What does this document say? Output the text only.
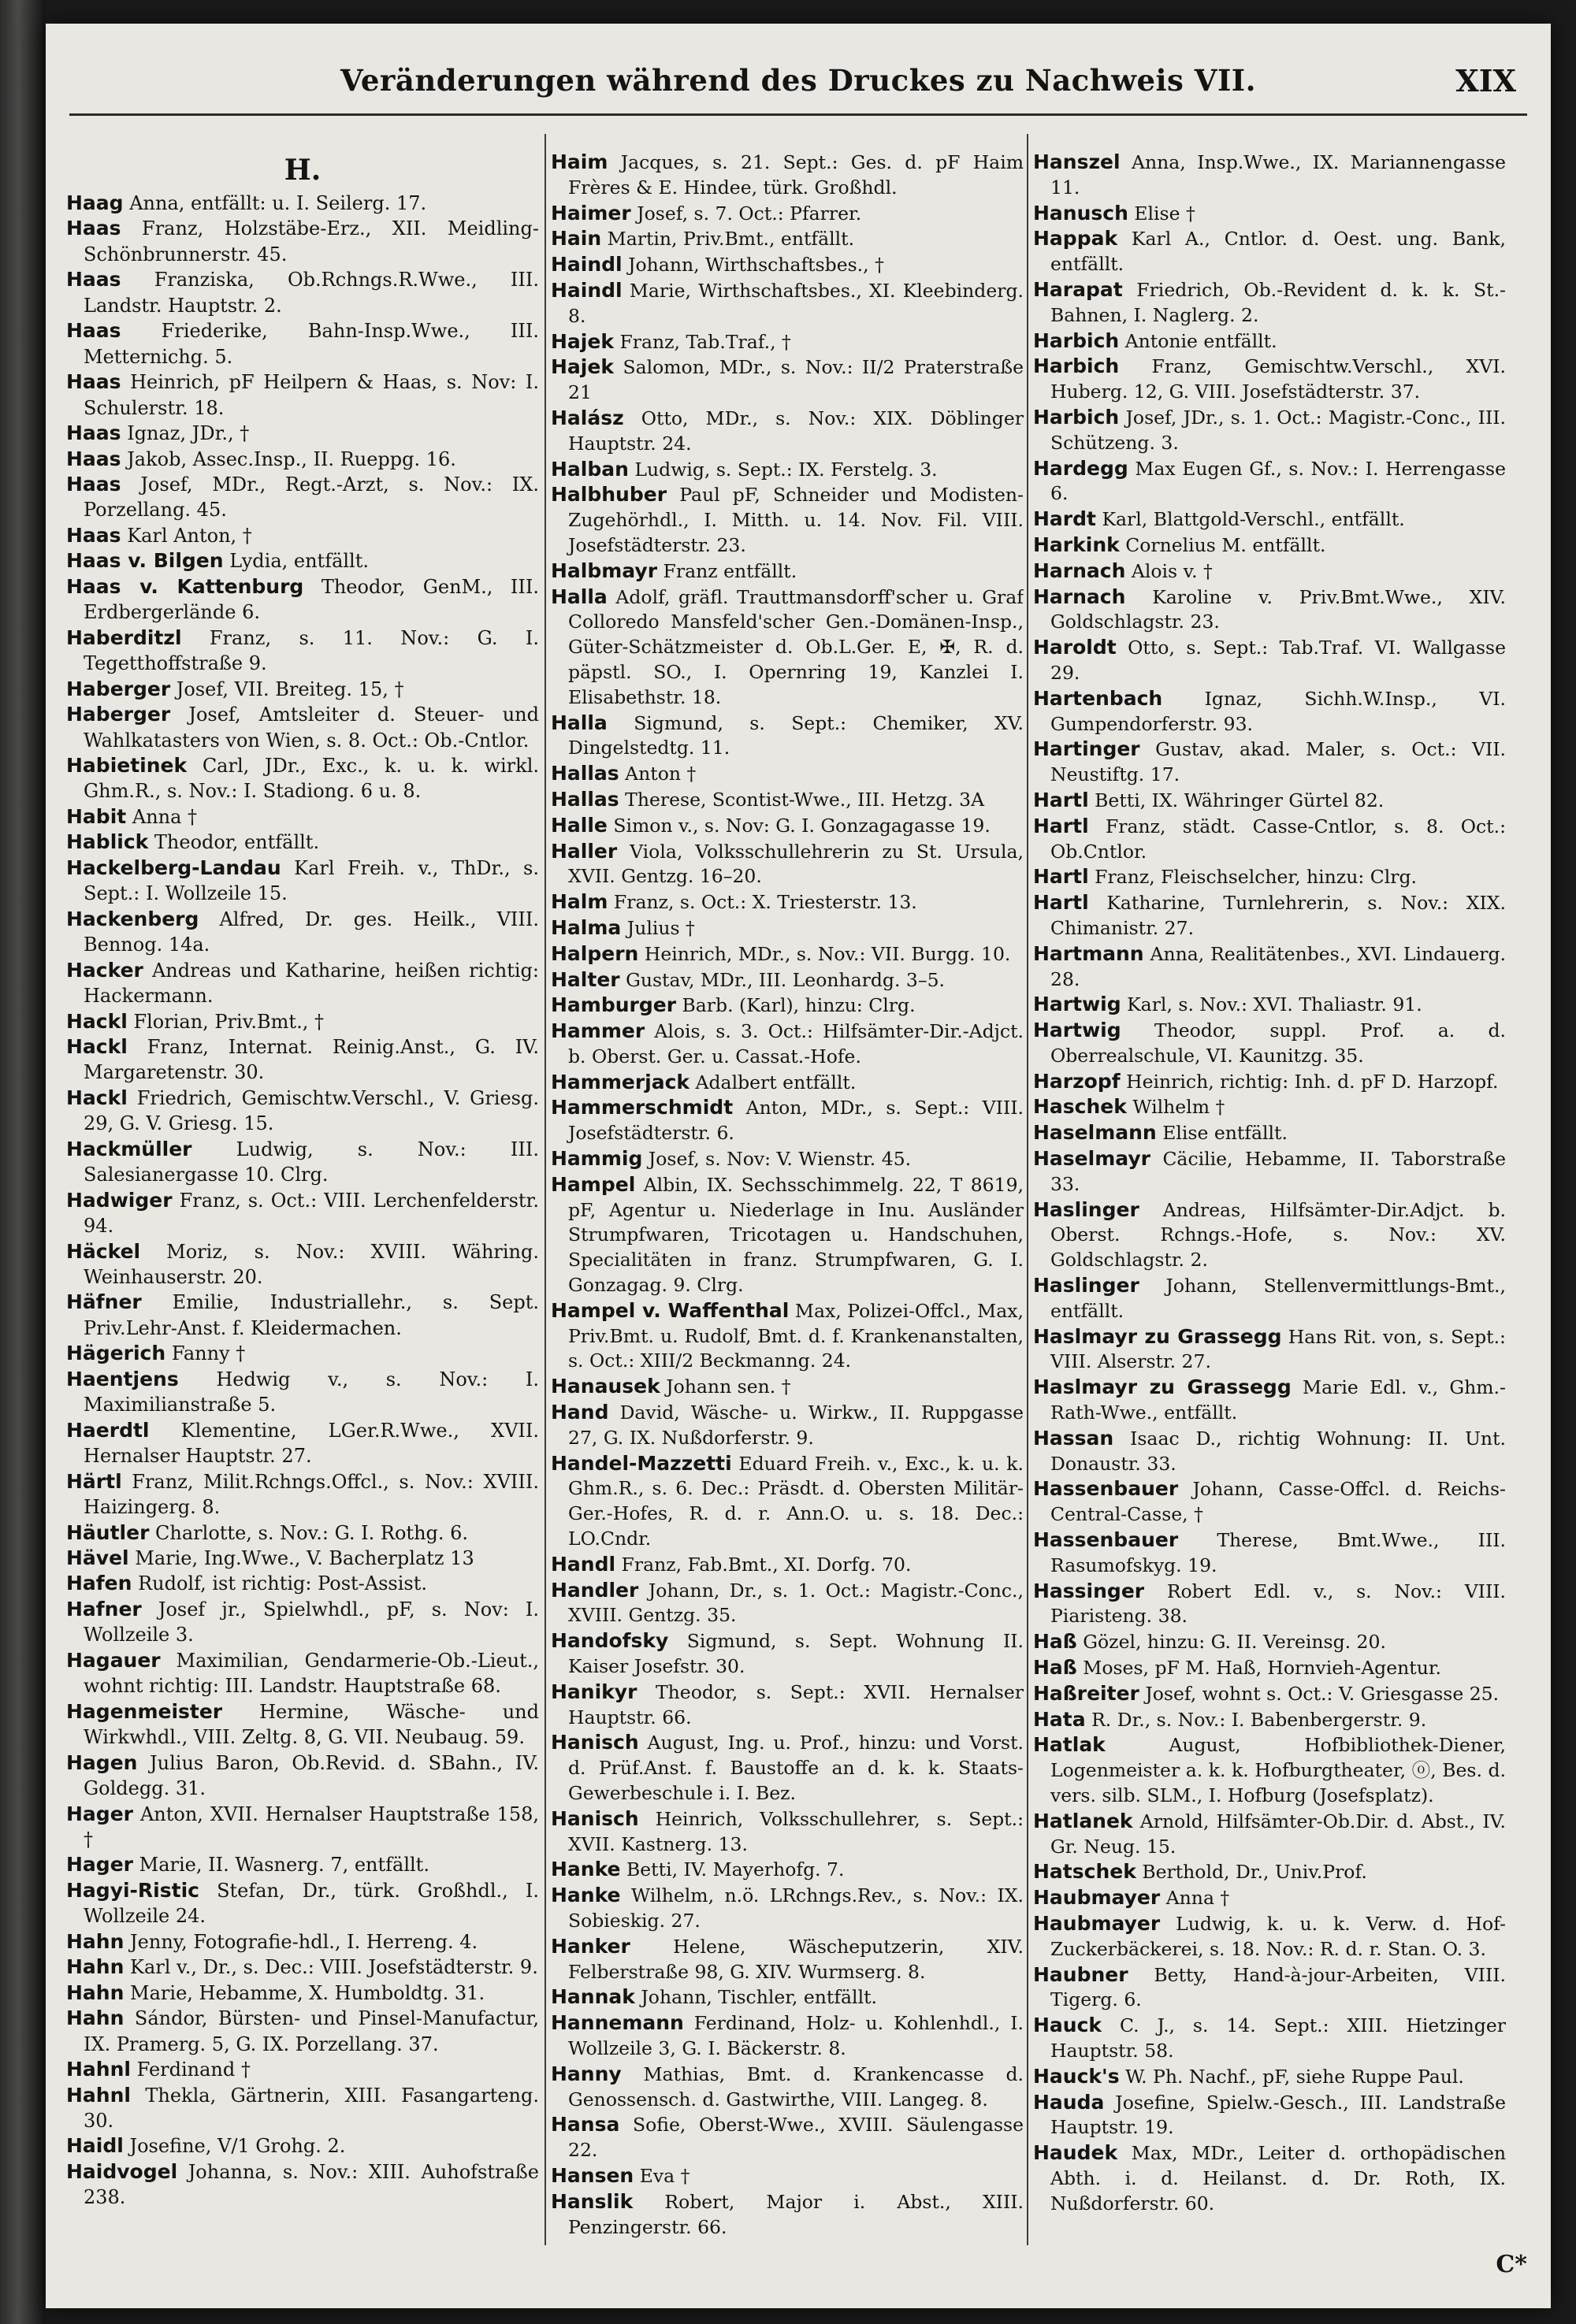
Veränderungen während des Druckes zu Nachweis VII.	XIX
H.

Haag Anna, entfällt: u. I. Seilerg. 17.

Haas Franz, Holzstäbe-Erz., XII. Meidling-Schönbrunnerstr. 45.

Haas Franziska, Ob.Rchngs.R.Wwe., III. Landstr. Hauptstr. 2.

Haas Friederike, Bahn-Insp.Wwe., III. Metternichg. 5.

Haas Heinrich, pF Heilpern & Haas, s. Nov: I. Schulerstr. 18.

Haas Ignaz, JDr., †

Haas Jakob, Assec.Insp., II. Rueppg. 16.

Haas Josef, MDr., Regt.-Arzt, s. Nov.: IX. Porzellang. 45.

Haas Karl Anton, †

Haas v. Bilgen Lydia, entfällt.

Haas v. Kattenburg Theodor, GenM., III. Erdbergerlände 6.

Haberditzl Franz, s. 11. Nov.: G. I. Tegetthoffstraße 9.

Haberger Josef, VII. Breiteg. 15, †

Haberger Josef, Amtsleiter d. Steuer- und Wahlkatasters von Wien, s. 8. Oct.: Ob.-Cntlor.

Habietinek Carl, JDr., Exc., k. u. k. wirkl. Ghm.R., s. Nov.: I. Stadiong. 6 u. 8.

Habit Anna †

Hablick Theodor, entfällt.

Hackelberg-Landau Karl Freih. v., ThDr., s. Sept.: I. Wollzeile 15.

Hackenberg Alfred, Dr. ges. Heilk., VIII. Bennog. 14a.

Hacker Andreas und Katharine, heißen richtig: Hackermann.

Hackl Florian, Priv.Bmt., †

Hackl Franz, Internat. Reinig.Anst., G. IV. Margaretenstr. 30.

Hackl Friedrich, Gemischtw.Verschl., V. Griesg. 29, G. V. Griesg. 15.

Hackmüller Ludwig, s. Nov.: III. Salesianergasse 10. Clrg.

Hadwiger Franz, s. Oct.: VIII. Lerchenfelderstr. 94.

Häckel Moriz, s. Nov.: XVIII. Währing. Weinhauserstr. 20.

Häfner Emilie, Industriallehr., s. Sept. Priv.Lehr-Anst. f. Kleidermachen.

Hägerich Fanny †

Haentjens Hedwig v., s. Nov.: I. Maximilianstraße 5.

Haerdtl Klementine, LGer.R.Wwe., XVII. Hernalser Hauptstr. 27.

Härtl Franz, Milit.Rchngs.Offcl., s. Nov.: XVIII. Haizingerg. 8.

Häutler Charlotte, s. Nov.: G. I. Rothg. 6.

Hävel Marie, Ing.Wwe., V. Bacherplatz 13

Hafen Rudolf, ist richtig: Post-Assist.

Hafner Josef jr., Spielwhdl., pF, s. Nov: I. Wollzeile 3.

Hagauer Maximilian, Gendarmerie-Ob.-Lieut., wohnt richtig: III. Landstr. Hauptstraße 68.

Hagenmeister Hermine, Wäsche- und Wirkwhdl., VIII. Zeltg. 8, G. VII. Neubaug. 59.

Hagen Julius Baron, Ob.Revid. d. SBahn., IV. Goldegg. 31.

Hager Anton, XVII. Hernalser Hauptstraße 158, †

Hager Marie, II. Wasnerg. 7, entfällt.

Hagyi-Ristic Stefan, Dr., türk. Großhdl., I. Wollzeile 24.

Hahn Jenny, Fotografie-hdl., I. Herreng. 4.

Hahn Karl v., Dr., s. Dec.: VIII. Josefstädterstr. 9.

Hahn Marie, Hebamme, X. Humboldtg. 31.

Hahn Sándor, Bürsten- und Pinsel-Manufactur, IX. Pramerg. 5, G. IX. Porzellang. 37.

Hahnl Ferdinand †

Hahnl Thekla, Gärtnerin, XIII. Fasangarteng. 30.

Haidl Josefine, V/1 Grohg. 2.

Haidvogel Johanna, s. Nov.: XIII. Auhofstraße 238.

Haim Jacques, s. 21. Sept.: Ges. d. pF Haim Frères & E. Hindee, türk. Großhdl.

Haimer Josef, s. 7. Oct.: Pfarrer.

Hain Martin, Priv.Bmt., entfällt.

Haindl Johann, Wirthschaftsbes., †

Haindl Marie, Wirthschaftsbes., XI. Kleebinderg. 8.

Hajek Franz, Tab.Traf., †

Hajek Salomon, MDr., s. Nov.: II/2 Praterstraße 21

Halász Otto, MDr., s. Nov.: XIX. Döblinger Hauptstr. 24.

Halban Ludwig, s. Sept.: IX. Ferstelg. 3.

Halbhuber Paul pF, Schneider und Modisten-Zugehörhdl., I. Mitth. u. 14. Nov. Fil. VIII. Josefstädterstr. 23.

Halbmayr Franz entfällt.

Halla Adolf, gräfl. Trauttmansdorff'scher u. Graf Colloredo Mansfeld'scher Gen.-Domänen-Insp., Güter-Schätzmeister d. Ob.L.Ger. E, ✠, R. d. päpstl. SO., I. Opernring 19, Kanzlei I. Elisabethstr. 18.

Halla Sigmund, s. Sept.: Chemiker, XV. Dingelstedtg. 11.

Hallas Anton †

Hallas Therese, Scontist-Wwe., III. Hetzg. 3A

Halle Simon v., s. Nov: G. I. Gonzagagasse 19.

Haller Viola, Volksschullehrerin zu St. Ursula, XVII. Gentzg. 16–20.

Halm Franz, s. Oct.: X. Triesterstr. 13.

Halma Julius †

Halpern Heinrich, MDr., s. Nov.: VII. Burgg. 10.

Halter Gustav, MDr., III. Leonhardg. 3–5.

Hamburger Barb. (Karl), hinzu: Clrg.

Hammer Alois, s. 3. Oct.: Hilfsämter-Dir.-Adjct. b. Oberst. Ger. u. Cassat.-Hofe.

Hammerjack Adalbert entfällt.

Hammerschmidt Anton, MDr., s. Sept.: VIII. Josefstädterstr. 6.

Hammig Josef, s. Nov: V. Wienstr. 45.

Hampel Albin, IX. Sechsschimmelg. 22, T 8619, pF, Agentur u. Niederlage in Inu. Ausländer Strumpfwaren, Tricotagen u. Handschuhen, Specialitäten in franz. Strumpfwaren, G. I. Gonzagag. 9. Clrg.

Hampel v. Waffenthal Max, Polizei-Offcl., Max, Priv.Bmt. u. Rudolf, Bmt. d. f. Krankenanstalten, s. Oct.: XIII/2 Beckmanng. 24.

Hanausek Johann sen. †

Hand David, Wäsche- u. Wirkw., II. Ruppgasse 27, G. IX. Nußdorferstr. 9.

Handel-Mazzetti Eduard Freih. v., Exc., k. u. k. Ghm.R., s. 6. Dec.: Präsdt. d. Obersten Militär-Ger.-Hofes, R. d. r. Ann.O. u. s. 18. Dec.: LO.Cndr.

Handl Franz, Fab.Bmt., XI. Dorfg. 70.

Handler Johann, Dr., s. 1. Oct.: Magistr.-Conc., XVIII. Gentzg. 35.

Handofsky Sigmund, s. Sept. Wohnung II. Kaiser Josefstr. 30.

Hanikyr Theodor, s. Sept.: XVII. Hernalser Hauptstr. 66.

Hanisch August, Ing. u. Prof., hinzu: und Vorst. d. Prüf.Anst. f. Baustoffe an d. k. k. Staats-Gewerbeschule i. I. Bez.

Hanisch Heinrich, Volksschullehrer, s. Sept.: XVII. Kastnerg. 13.

Hanke Betti, IV. Mayerhofg. 7.

Hanke Wilhelm, n.ö. LRchngs.Rev., s. Nov.: IX. Sobieskig. 27.

Hanker Helene, Wäscheputzerin, XIV. Felberstraße 98, G. XIV. Wurmserg. 8.

Hannak Johann, Tischler, entfällt.

Hannemann Ferdinand, Holz- u. Kohlenhdl., I. Wollzeile 3, G. I. Bäckerstr. 8.

Hanny Mathias, Bmt. d. Krankencasse d. Genossensch. d. Gastwirthe, VIII. Langeg. 8.

Hansa Sofie, Oberst-Wwe., XVIII. Säulengasse 22.

Hansen Eva †

Hanslik Robert, Major i. Abst., XIII. Penzingerstr. 66.

Hanszel Anna, Insp.Wwe., IX. Mariannengasse 11.

Hanusch Elise †

Happak Karl A., Cntlor. d. Oest. ung. Bank, entfällt.

Harapat Friedrich, Ob.-Revident d. k. k. St.-Bahnen, I. Naglerg. 2.

Harbich Antonie entfällt.

Harbich Franz, Gemischtw.Verschl., XVI. Huberg. 12, G. VIII. Josefstädterstr. 37.

Harbich Josef, JDr., s. 1. Oct.: Magistr.-Conc., III. Schützeng. 3.

Hardegg Max Eugen Gf., s. Nov.: I. Herrengasse 6.

Hardt Karl, Blattgold-Verschl., entfällt.

Harkink Cornelius M. entfällt.

Harnach Alois v. †

Harnach Karoline v. Priv.Bmt.Wwe., XIV. Goldschlagstr. 23.

Haroldt Otto, s. Sept.: Tab.Traf. VI. Wallgasse 29.

Hartenbach Ignaz, Sichh.W.Insp., VI. Gumpendorferstr. 93.

Hartinger Gustav, akad. Maler, s. Oct.: VII. Neustiftg. 17.

Hartl Betti, IX. Währinger Gürtel 82.

Hartl Franz, städt. Casse-Cntlor, s. 8. Oct.: Ob.Cntlor.

Hartl Franz, Fleischselcher, hinzu: Clrg.

Hartl Katharine, Turnlehrerin, s. Nov.: XIX. Chimanistr. 27.

Hartmann Anna, Realitätenbes., XVI. Lindauerg. 28.

Hartwig Karl, s. Nov.: XVI. Thaliastr. 91.

Hartwig Theodor, suppl. Prof. a. d. Oberrealschule, VI. Kaunitzg. 35.

Harzopf Heinrich, richtig: Inh. d. pF D. Harzopf.

Haschek Wilhelm †

Haselmann Elise entfällt.

Haselmayr Cäcilie, Hebamme, II. Taborstraße 33.

Haslinger Andreas, Hilfsämter-Dir.Adjct. b. Oberst. Rchngs.-Hofe, s. Nov.: XV. Goldschlagstr. 2.

Haslinger Johann, Stellenvermittlungs-Bmt., entfällt.

Haslmayr zu Grassegg Hans Rit. von, s. Sept.: VIII. Alserstr. 27.

Haslmayr zu Grassegg Marie Edl. v., Ghm.-Rath-Wwe., entfällt.

Hassan Isaac D., richtig Wohnung: II. Unt. Donaustr. 33.

Hassenbauer Johann, Casse-Offcl. d. Reichs-Central-Casse, †

Hassenbauer Therese, Bmt.Wwe., III. Rasumofskyg. 19.

Hassinger Robert Edl. v., s. Nov.: VIII. Piaristeng. 38.

Haß Gözel, hinzu: G. II. Vereinsg. 20.

Haß Moses, pF M. Haß, Hornvieh-Agentur.

Haßreiter Josef, wohnt s. Oct.: V. Griesgasse 25.

Hata R. Dr., s. Nov.: I. Babenbergerstr. 9.

Hatlak	August, Hofbibliothek-Diener, Logenmeister a. k. k. Hofburgtheater, ⓞ, Bes. d. vers. silb. SLM., I. Hofburg (Josefsplatz).

Hatlanek Arnold, Hilfsämter-Ob.Dir. d. Abst., IV. Gr. Neug. 15.

Hatschek Berthold, Dr., Univ.Prof.

Haubmayer Anna †

Haubmayer Ludwig, k. u. k. Verw. d. Hof-Zuckerbäckerei, s. 18. Nov.: R. d. r. Stan. O. 3.

Haubner Betty, Hand-à-jour-Arbeiten, VIII. Tigerg. 6.

Hauck C. J., s. 14. Sept.: XIII. Hietzinger Hauptstr. 58.

Hauck's W. Ph. Nachf., pF, siehe Ruppe Paul.

Hauda Josefine, Spielw.-Gesch., III. Landstraße Hauptstr. 19.

Haudek Max, MDr., Leiter d. orthopädischen Abth. i. d. Heilanst. d. Dr. Roth, IX. Nußdorferstr. 60.

C*
